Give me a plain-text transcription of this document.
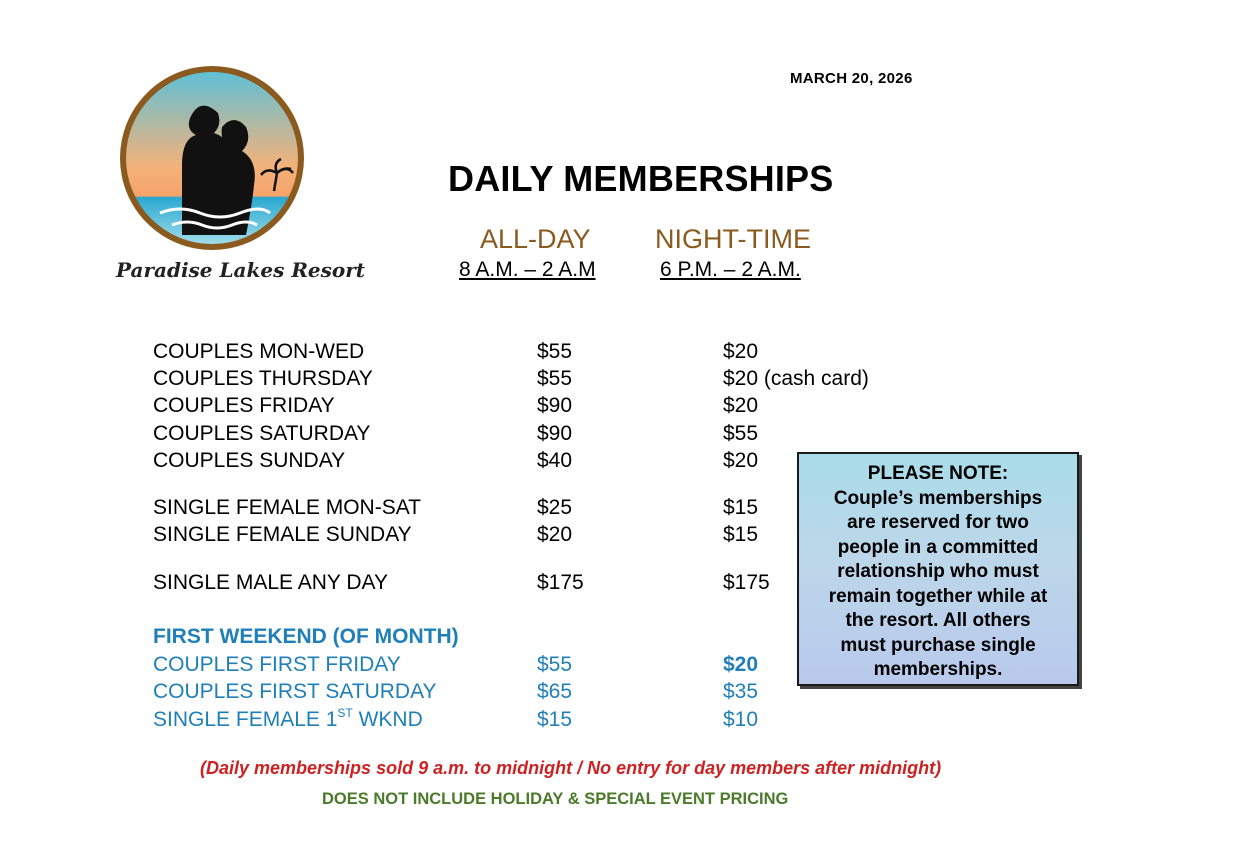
Paradise Lakes Resort
MARCH 20, 2026
DAILY MEMBERSHIPS
ALL-DAY NIGHT-TIME
8 A.M. – 2 A.M	6 P.M. – 2 A.M.
COUPLES MON-WED	$55	$20
COUPLES THURSDAY	$55	$20 (cash card)
COUPLES FRIDAY	$90	$20
COUPLES SATURDAY	$90	$55
COUPLES SUNDAY	$40	$20
SINGLE FEMALE MON-SAT	$25	$15
SINGLE FEMALE SUNDAY	$20	$15
SINGLE MALE ANY DAY	$175	$175
FIRST WEEKEND (OF MONTH)
COUPLES FIRST FRIDAY	$55	$20
COUPLES FIRST SATURDAY	$65	$35
SINGLE FEMALE 1ST WKND	$15	$10
PLEASE NOTE:
Couple’s memberships
are reserved for two
people in a committed
relationship who must
remain together while at
the resort. All others
must purchase single
memberships.
(Daily memberships sold 9 a.m. to midnight / No entry for day members after midnight)
DOES NOT INCLUDE HOLIDAY & SPECIAL EVENT PRICING
